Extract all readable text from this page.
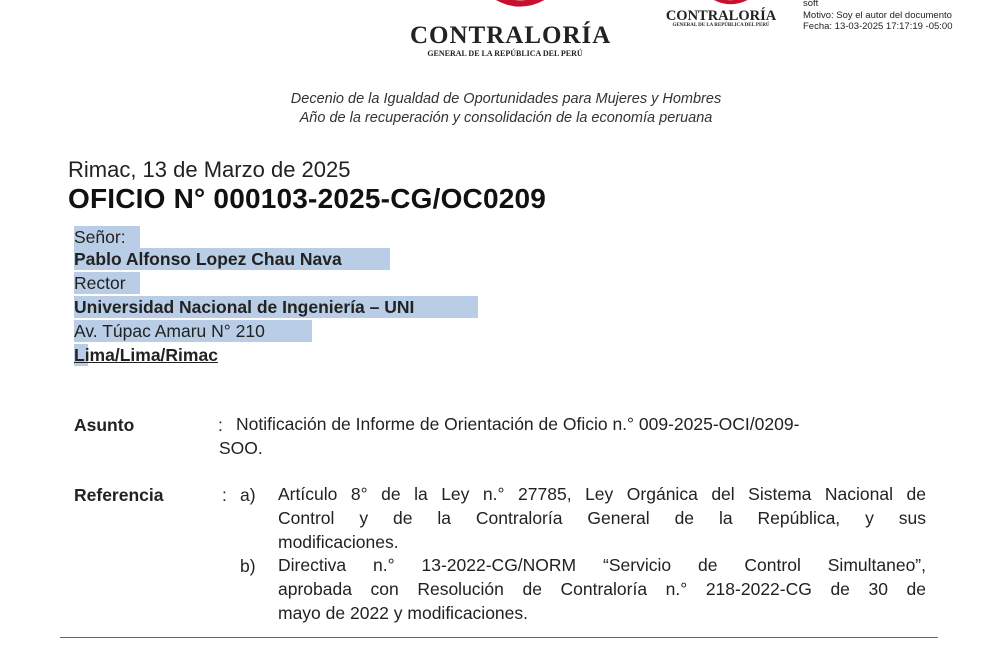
CONTRALORÍA
GENERAL DE LA REPÚBLICA DEL PERÚ
CONTRALORÍA
GENERAL DE LA REPÚBLICA DEL PERÚ
soft
Motivo: Soy el autor del documento
Fecha: 13-03-2025 17:17:19 -05:00
Decenio de la Igualdad de Oportunidades para Mujeres y Hombres
Año de la recuperación y consolidación de la economía peruana
Rimac, 13 de Marzo de 2025
OFICIO N° 000103-2025-CG/OC0209
Señor:
Pablo Alfonso Lopez Chau Nava
Rector
Universidad Nacional de Ingeniería – UNI
Av. Túpac Amaru N° 210
Lima/Lima/Rimac
Asunto	: Notificación de Informe de Orientación de Oficio n.° 009-2025-OCI/0209-
SOO.
Referencia	: a) Artículo 8° de la Ley n.° 27785, Ley Orgánica del Sistema Nacional de
Control y de la Contraloría General de la República, y sus
modificaciones.
b) Directiva n.° 13-2022-CG/NORM “Servicio de Control Simultaneo”,
aprobada con Resolución de Contraloría n.° 218-2022-CG de 30 de
mayo de 2022 y modificaciones.
